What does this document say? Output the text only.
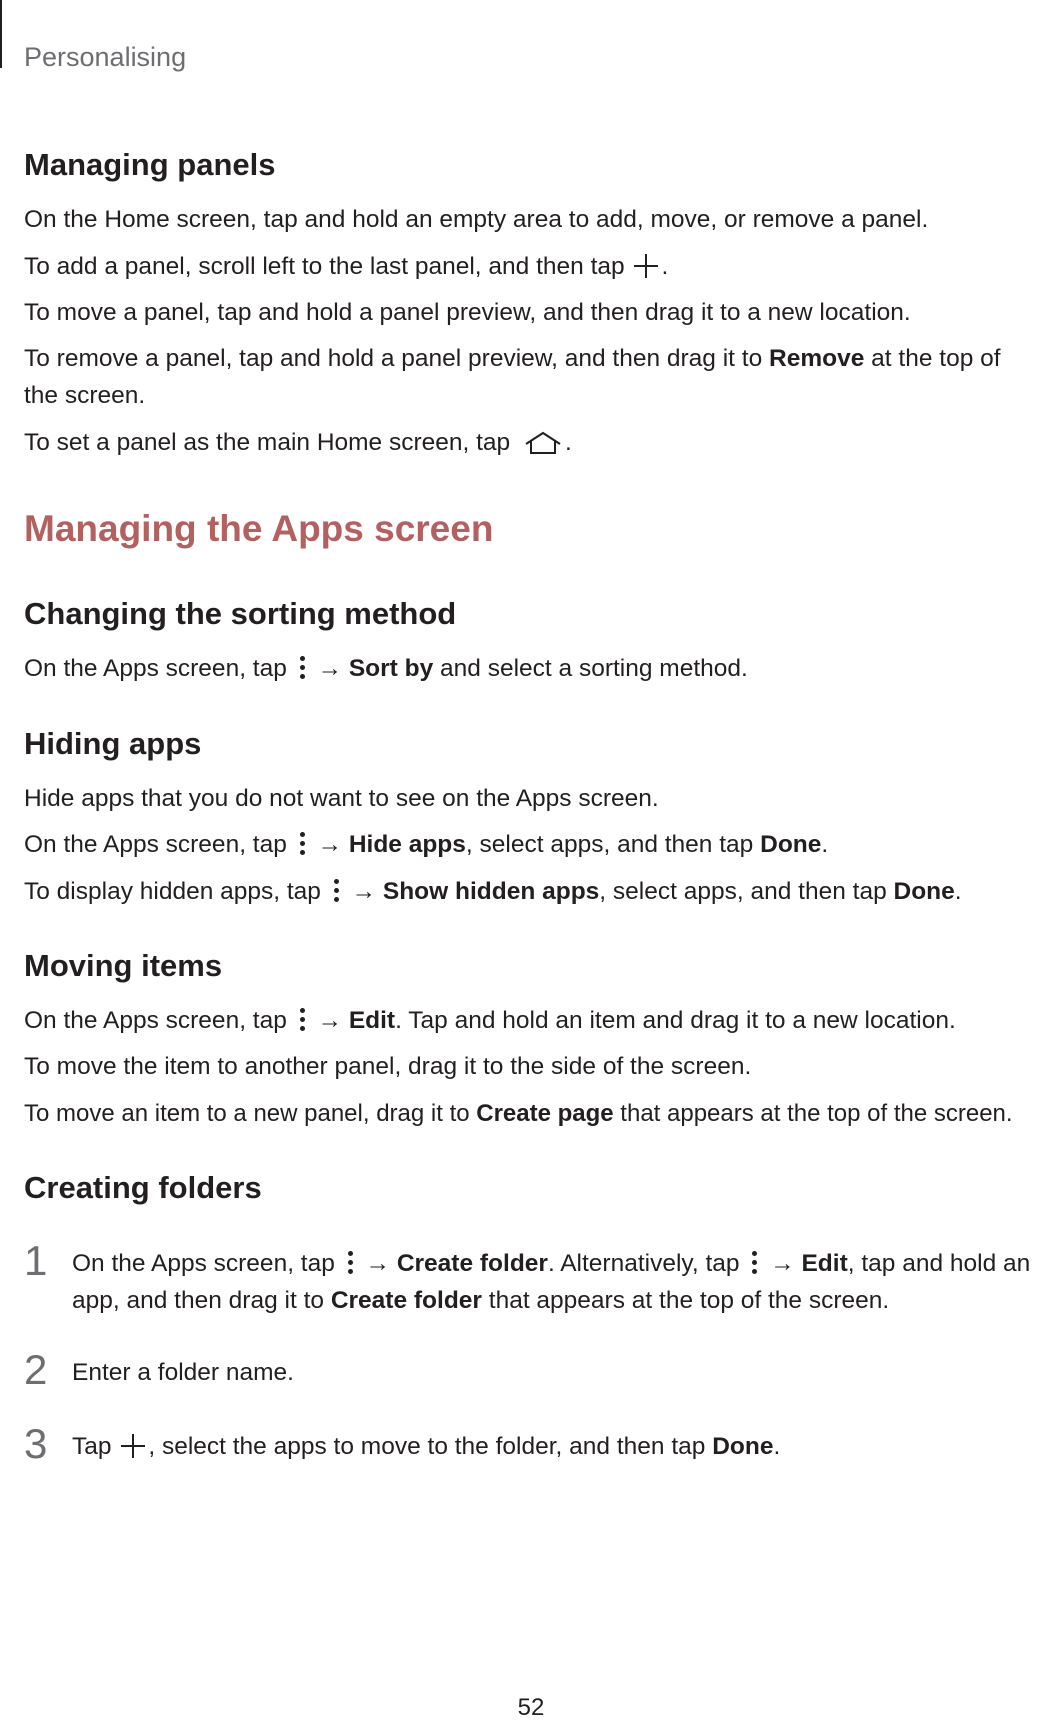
Personalising
Managing panels

On the Home screen, tap and hold an empty area to add, move, or remove a panel.

To add a panel, scroll left to the last panel, and then tap .

To move a panel, tap and hold a panel preview, and then drag it to a new location.

To remove a panel, tap and hold a panel preview, and then drag it to Remove at the top of the screen.

To set a panel as the main Home screen, tap .

Managing the Apps screen
Changing the sorting method

On the Apps screen, tap
→ Sort by and select a sorting method.

Hiding apps

Hide apps that you do not want to see on the Apps screen.

On the Apps screen, tap
→ Hide apps, select apps, and then tap Done.

To display hidden apps, tap
→ Show hidden apps, select apps, and then tap Done.

Moving items

On the Apps screen, tap
→ Edit. Tap and hold an item and drag it to a new location.

To move the item to another panel, drag it to the side of the screen.

To move an item to a new panel, drag it to Create page that appears at the top of the screen.

Creating folders
1 On the Apps screen, tap
→ Create folder. Alternatively, tap
→ Edit, tap and hold an app, and then drag it to Create folder that appears at the top of the screen.
2 Enter a folder name.
3 Tap , select the apps to move to the folder, and then tap Done.
52
